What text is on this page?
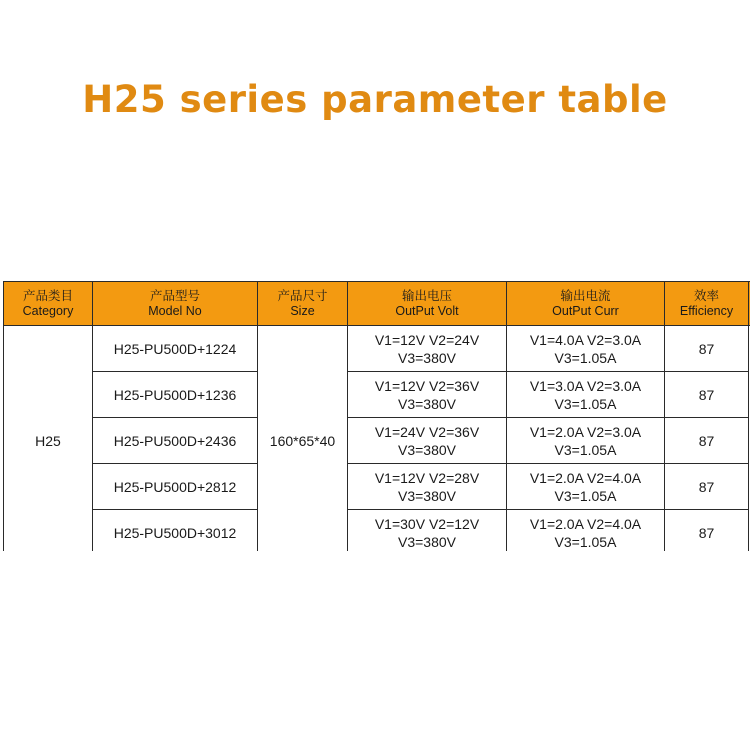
H25 series parameter table
产品类目
Category	产品型号
Model No	产品尺寸
Size	输出电压
OutPut Volt	输出电流
OutPut Curr	效率
Efficiency	

H25	H25-PU500D+1224	160*65*40	V1=12V V2=24V
V3=380V	V1=4.0A V2=3.0A
V3=1.05A	87	
	H25-PU500D+1236		V1=12V V2=36V
V3=380V	V1=3.0A V2=3.0A
V3=1.05A	87	
	H25-PU500D+2436		V1=24V V2=36V
V3=380V	V1=2.0A V2=3.0A
V3=1.05A	87	
	H25-PU500D+2812		V1=12V V2=28V
V3=380V	V1=2.0A V2=4.0A
V3=1.05A	87	
	H25-PU500D+3012		V1=30V V2=12V
V3=380V	V1=2.0A V2=4.0A
V3=1.05A	87	
